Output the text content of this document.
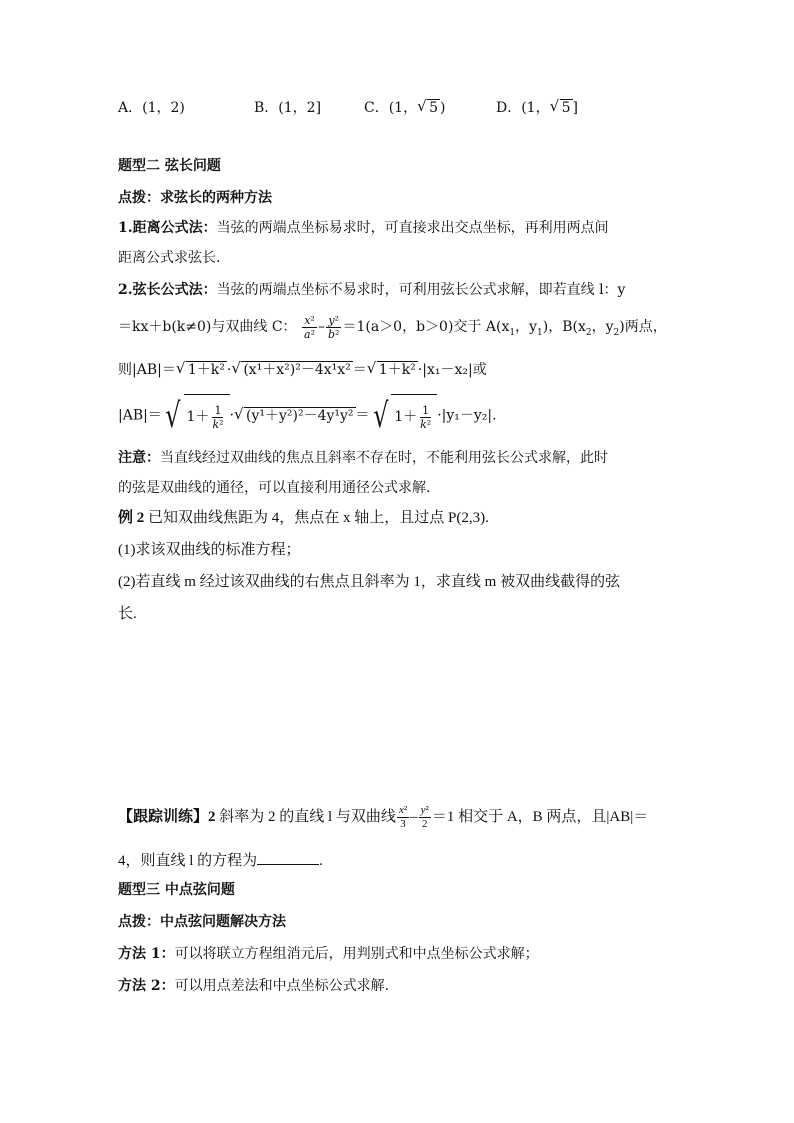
A．(1，2)	B．(1，2]	C．(1， √ 5 )	D．(1， √ 5 ]
题型二 弦长问题
点拨：求弦长的两种方法
1.距离公式法：当弦的两端点坐标易求时，可直接求出交点坐标，再利用两点间
距离公式求弦长.
2.弦长公式法：当弦的两端点坐标不易求时，可利用弦长公式求解，即若直线 l：y
＝kx＋b(k≠0)与双曲线 C： $\frac{\text{x²}}{\text{a²}} - \frac{\text{y²}}{\text{b²}} =1(a>0$，b＞0)交于 $A(x_1$，$y_1$)，$B(x_2$，$y_2$)两点，
则|AB|＝ √ 1＋k² · √ (x¹＋x²)²－4x¹x² ＝ √ 1＋k² ·|x₁－x₂|或
|AB|＝ √ $1+ \frac{1}{\text{k²}}$ · √ (y¹＋y²)²－4y¹y² ＝ √ $1+ \frac{1}{\text{k²}} \cdot|y_1-y_2|$.
注意：当直线经过双曲线的焦点且斜率不存在时，不能利用弦长公式求解，此时
的弦是双曲线的通径，可以直接利用通径公式求解.
例 2 已知双曲线焦距为 4，焦点在 x 轴上，且过点 P(2,3).
(1)求该双曲线的标准方程；
(2)若直线 m 经过该双曲线的右焦点且斜率为 1，求直线 m 被双曲线截得的弦
长.
【跟踪训练】2 斜率为 2 的直线 l 与双曲线 $\frac{\text{x²}}{3} - \frac{\text{y²}}{2} =1$ 相交于 A，B 两点，且|AB|＝
4，则直线 l 的方程为	.
题型三 中点弦问题
点拨：中点弦问题解决方法
方法 1：可以将联立方程组消元后，用判别式和中点坐标公式求解；
方法 2：可以用点差法和中点坐标公式求解.
